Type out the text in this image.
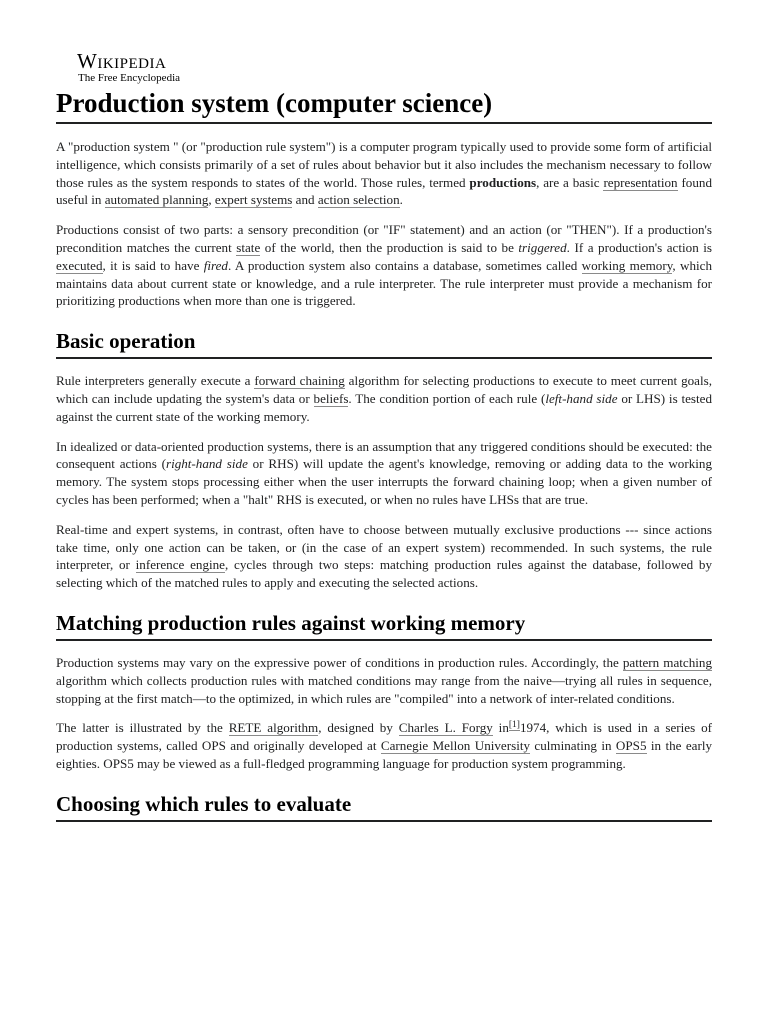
Wikipedia
The Free Encyclopedia
Production system (computer science)

A "production system " (or "production rule system") is a computer program typically used to provide some form of artificial intelligence, which consists primarily of a set of rules about behavior but it also includes the mechanism necessary to follow those rules as the system responds to states of the world. Those rules, termed productions, are a basic representation found useful in automated planning, expert systems and action selection.

Productions consist of two parts: a sensory precondition (or "IF" statement) and an action (or "THEN"). If a production's precondition matches the current state of the world, then the production is said to be triggered. If a production's action is executed, it is said to have fired. A production system also contains a database, sometimes called working memory, which maintains data about current state or knowledge, and a rule interpreter. The rule interpreter must provide a mechanism for prioritizing productions when more than one is triggered.

Basic operation

Rule interpreters generally execute a forward chaining algorithm for selecting productions to execute to meet current goals, which can include updating the system's data or beliefs. The condition portion of each rule (left-hand side or LHS) is tested against the current state of the working memory.

In idealized or data-oriented production systems, there is an assumption that any triggered conditions should be executed: the consequent actions (right-hand side or RHS) will update the agent's knowledge, removing or adding data to the working memory. The system stops processing either when the user interrupts the forward chaining loop; when a given number of cycles has been performed; when a "halt" RHS is executed, or when no rules have LHSs that are true.

Real-time and expert systems, in contrast, often have to choose between mutually exclusive productions --- since actions take time, only one action can be taken, or (in the case of an expert system) recommended. In such systems, the rule interpreter, or inference engine, cycles through two steps: matching production rules against the database, followed by selecting which of the matched rules to apply and executing the selected actions.

Matching production rules against working memory

Production systems may vary on the expressive power of conditions in production rules. Accordingly, the pattern matching algorithm which collects production rules with matched conditions may range from the naive—trying all rules in sequence, stopping at the first match—to the optimized, in which rules are "compiled" into a network of inter-related conditions.

The latter is illustrated by the RETE algorithm, designed by Charles L. Forgy in[1]1974, which is used in a series of production systems, called OPS and originally developed at Carnegie Mellon University culminating in OPS5 in the early eighties. OPS5 may be viewed as a full-fledged programming language for production system programming.

Choosing which rules to evaluate
